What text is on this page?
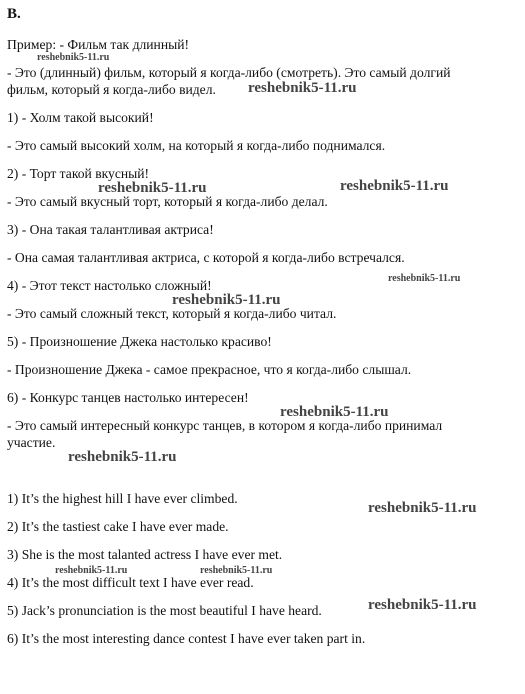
B.
Пример: - Фильм так длинный!
- Это (длинный) фильм, который я когда-либо (смотреть). Это самый долгий
фильм, который я когда-либо видел.
1) - Холм такой высокий!
- Это самый высокий холм, на который я когда-либо поднимался.
2) - Торт такой вкусный!
- Это самый вкусный торт, который я когда-либо делал.
3) - Она такая талантливая актриса!
- Она самая талантливая актриса, с которой я когда-либо встречался.
4) - Этот текст настолько сложный!
- Это самый сложный текст, который я когда-либо читал.
5) - Произношение Джека настолько красиво!
- Произношение Джека - самое прекрасное, что я когда-либо слышал.
6) - Конкурс танцев настолько интересен!
- Это самый интересный конкурс танцев, в котором я когда-либо принимал
участие.
1) It’s the highest hill I have ever climbed.
2) It’s the tastiest cake I have ever made.
3) She is the most talanted actress I have ever met.
4) It’s the most difficult text I have ever read.
5) Jack’s pronunciation is the most beautiful I have heard.
6) It’s the most interesting dance contest I have ever taken part in.
reshebnik5-11.ru
reshebnik5-11.ru
reshebnik5-11.ru	reshebnik5-11.ru
reshebnik5-11.ru
reshebnik5-11.ru
reshebnik5-11.ru
reshebnik5-11.ru
reshebnik5-11.ru
reshebnik5-11.ru	reshebnik5-11.ru
reshebnik5-11.ru
